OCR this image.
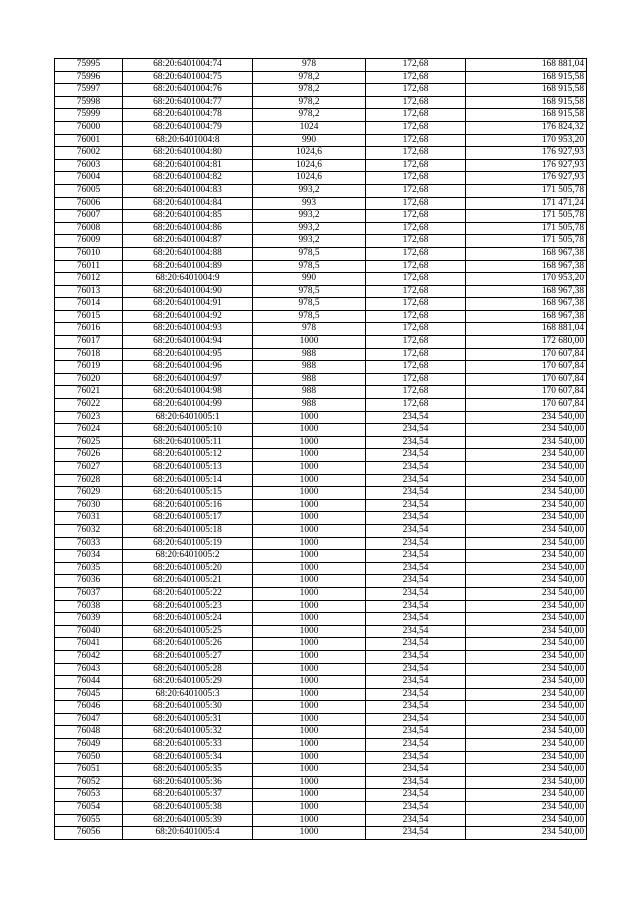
75995	68:20:6401004:74	978	172,68	168 881,04
75996	68:20:6401004:75	978,2	172,68	168 915,58
75997	68:20:6401004:76	978,2	172,68	168 915,58
75998	68:20:6401004:77	978,2	172,68	168 915,58
75999	68:20:6401004:78	978,2	172,68	168 915,58
76000	68:20:6401004:79	1024	172,68	176 824,32
76001	68:20:6401004:8	990	172,68	170 953,20
76002	68:20:6401004:80	1024,6	172,68	176 927,93
76003	68:20:6401004:81	1024,6	172,68	176 927,93
76004	68:20:6401004:82	1024,6	172,68	176 927,93
76005	68:20:6401004:83	993,2	172,68	171 505,78
76006	68:20:6401004:84	993	172,68	171 471,24
76007	68:20:6401004:85	993,2	172,68	171 505,78
76008	68:20:6401004:86	993,2	172,68	171 505,78
76009	68:20:6401004:87	993,2	172,68	171 505,78
76010	68:20:6401004:88	978,5	172,68	168 967,38
76011	68:20:6401004:89	978,5	172,68	168 967,38
76012	68:20:6401004:9	990	172,68	170 953,20
76013	68:20:6401004:90	978,5	172,68	168 967,38
76014	68:20:6401004:91	978,5	172,68	168 967,38
76015	68:20:6401004:92	978,5	172,68	168 967,38
76016	68:20:6401004:93	978	172,68	168 881,04
76017	68:20:6401004:94	1000	172,68	172 680,00
76018	68:20:6401004:95	988	172,68	170 607,84
76019	68:20:6401004:96	988	172,68	170 607,84
76020	68:20:6401004:97	988	172,68	170 607,84
76021	68:20:6401004:98	988	172,68	170 607,84
76022	68:20:6401004:99	988	172,68	170 607,84
76023	68:20:6401005:1	1000	234,54	234 540,00
76024	68:20:6401005:10	1000	234,54	234 540,00
76025	68:20:6401005:11	1000	234,54	234 540,00
76026	68:20:6401005:12	1000	234,54	234 540,00
76027	68:20:6401005:13	1000	234,54	234 540,00
76028	68:20:6401005:14	1000	234,54	234 540,00
76029	68:20:6401005:15	1000	234,54	234 540,00
76030	68:20:6401005:16	1000	234,54	234 540,00
76031	68:20:6401005:17	1000	234,54	234 540,00
76032	68:20:6401005:18	1000	234,54	234 540,00
76033	68:20:6401005:19	1000	234,54	234 540,00
76034	68:20:6401005:2	1000	234,54	234 540,00
76035	68:20:6401005:20	1000	234,54	234 540,00
76036	68:20:6401005:21	1000	234,54	234 540,00
76037	68:20:6401005:22	1000	234,54	234 540,00
76038	68:20:6401005:23	1000	234,54	234 540,00
76039	68:20:6401005:24	1000	234,54	234 540,00
76040	68:20:6401005:25	1000	234,54	234 540,00
76041	68:20:6401005:26	1000	234,54	234 540,00
76042	68:20:6401005:27	1000	234,54	234 540,00
76043	68:20:6401005:28	1000	234,54	234 540,00
76044	68:20:6401005:29	1000	234,54	234 540,00
76045	68:20:6401005:3	1000	234,54	234 540,00
76046	68:20:6401005:30	1000	234,54	234 540,00
76047	68:20:6401005:31	1000	234,54	234 540,00
76048	68:20:6401005:32	1000	234,54	234 540,00
76049	68:20:6401005:33	1000	234,54	234 540,00
76050	68:20:6401005:34	1000	234,54	234 540,00
76051	68:20:6401005:35	1000	234,54	234 540,00
76052	68:20:6401005:36	1000	234,54	234 540,00
76053	68:20:6401005:37	1000	234,54	234 540,00
76054	68:20:6401005:38	1000	234,54	234 540,00
76055	68:20:6401005:39	1000	234,54	234 540,00
76056	68:20:6401005:4	1000	234,54	234 540,00
